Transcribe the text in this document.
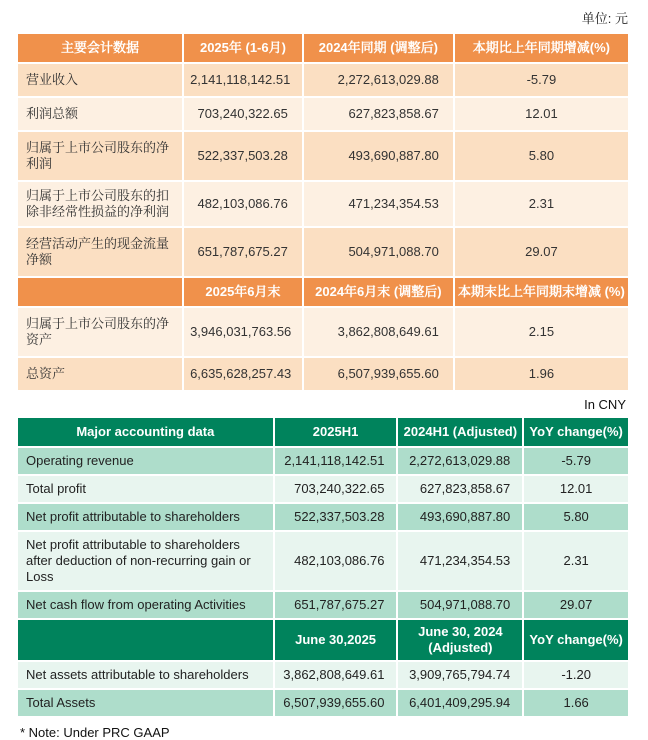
单位: 元
主要会计数据	2025年 (1-6月)	2024年同期 (调整后)	本期比上年同期增减(%)
营业收入	2,141,118,142.51	2,272,613,029.88	-5.79
利润总额	703,240,322.65	627,823,858.67	12.01
归属于上市公司股东的净利润	522,337,503.28	493,690,887.80	5.80
归属于上市公司股东的扣除非经常性损益的净利润	482,103,086.76	471,234,354.53	2.31
经营活动产生的现金流量净额	651,787,675.27	504,971,088.70	29.07
	2025年6月末	2024年6月末 (调整后)	本期末比上年同期末增减 (%)
归属于上市公司股东的净资产	3,946,031,763.56	3,862,808,649.61	2.15
总资产	6,635,628,257.43	6,507,939,655.60	1.96
In CNY
Major accounting data	2025H1	2024H1 (Adjusted)	YoY change(%)
Operating revenue	2,141,118,142.51	2,272,613,029.88	-5.79
Total profit	703,240,322.65	627,823,858.67	12.01
Net profit attributable to shareholders	522,337,503.28	493,690,887.80	5.80
Net profit attributable to shareholders after deduction of non-recurring gain or Loss	482,103,086.76	471,234,354.53	2.31
Net cash flow from operating Activities	651,787,675.27	504,971,088.70	29.07
	June 30,2025	June 30, 2024 (Adjusted)	YoY change(%)
Net assets attributable to shareholders	3,862,808,649.61	3,909,765,794.74	-1.20
Total Assets	6,507,939,655.60	6,401,409,295.94	1.66
* Note: Under PRC GAAP
